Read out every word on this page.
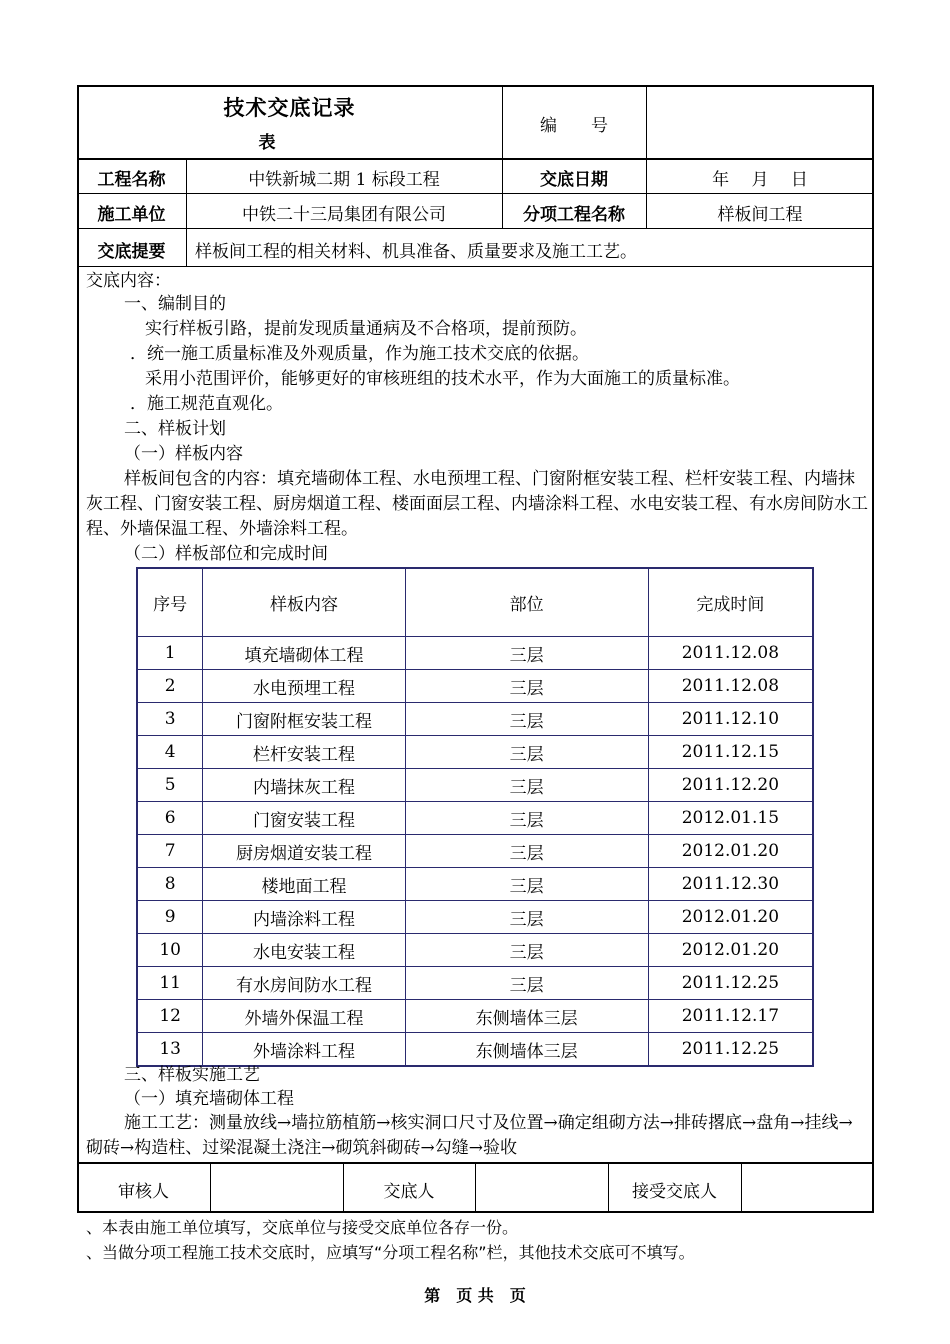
技术交底记录
表
编　　号
工程名称	中铁新城二期 1 标段工程	交底日期	年　 月　 日
施工单位	中铁二十三局集团有限公司	分项工程名称	样板间工程
交底提要	样板间工程的相关材料、机具准备、质量要求及施工工艺。
交底内容：
一、编制目的
实行样板引路，提前发现质量通病及不合格项，提前预防。
．统一施工质量标准及外观质量，作为施工技术交底的依据。
采用小范围评价，能够更好的审核班组的技术水平，作为大面施工的质量标准。
．施工规范直观化。
二、样板计划
（一）样板内容
样板间包含的内容：填充墙砌体工程、水电预埋工程、门窗附框安装工程、栏杆安装工程、内墙抹灰工程、门窗安装工程、厨房烟道工程、楼面面层工程、内墙涂料工程、水电安装工程、有水房间防水工程、外墙保温工程、外墙涂料工程。
（二）样板部位和完成时间
序号	样板内容	部位	完成时间
1	填充墙砌体工程	三层	2011.12.08
2	水电预埋工程	三层	2011.12.08
3	门窗附框安装工程	三层	2011.12.10
4	栏杆安装工程	三层	2011.12.15
5	内墙抹灰工程	三层	2011.12.20
6	门窗安装工程	三层	2012.01.15
7	厨房烟道安装工程	三层	2012.01.20
8	楼地面工程	三层	2011.12.30
9	内墙涂料工程	三层	2012.01.20
10	水电安装工程	三层	2012.01.20
11	有水房间防水工程	三层	2011.12.25
12	外墙外保温工程	东侧墙体三层	2011.12.17
13	外墙涂料工程	东侧墙体三层	2011.12.25
三、样板实施工艺
（一）填充墙砌体工程
施工工艺：测量放线→墙拉筋植筋→核实洞口尺寸及位置→确定组砌方法→排砖撂底→盘角→挂线→砌砖→构造柱、过梁混凝土浇注→砌筑斜砌砖→勾缝→验收
审核人	交底人	接受交底人
、本表由施工单位填写，交底单位与接受交底单位各存一份。
、当做分项工程施工技术交底时，应填写“分项工程名称”栏，其他技术交底可不填写。
第　页 共　页
